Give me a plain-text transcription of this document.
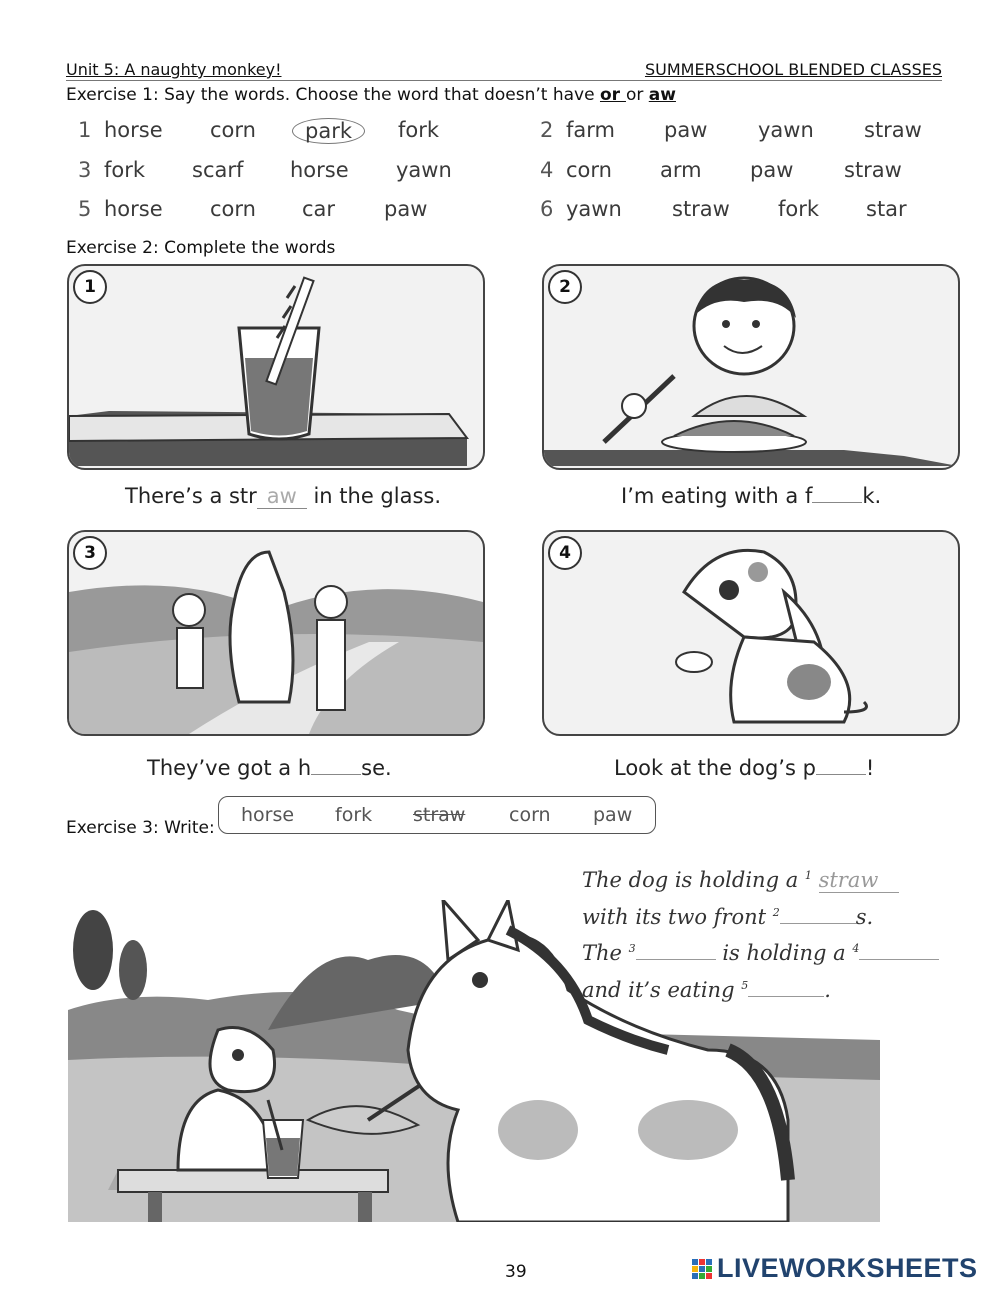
Unit 5: A naughty monkey!	SUMMERSCHOOL BLENDED CLASSES
Exercise 1: Say the words. Choose the word that doesn’t have or or aw
1 horse corn	park	fork	2 farm paw yawn straw
3 fork scarf horse yawn	4 corn arm paw straw
5 horse corn car paw	6 yawn straw fork star
Exercise 2: Complete the words
1
There’s a str aw in the glass.
2
I’m eating with a f k.
3
They’ve got a h se.
4
Look at the dog’s p !
Exercise 3: Write:
horse fork straw corn paw
The dog is holding a $^1$ straw
with its two front $^2$	s.
The $^3$	is holding a $^4$
and it’s eating $^5$	.
39	LIVEWORKSHEETS
